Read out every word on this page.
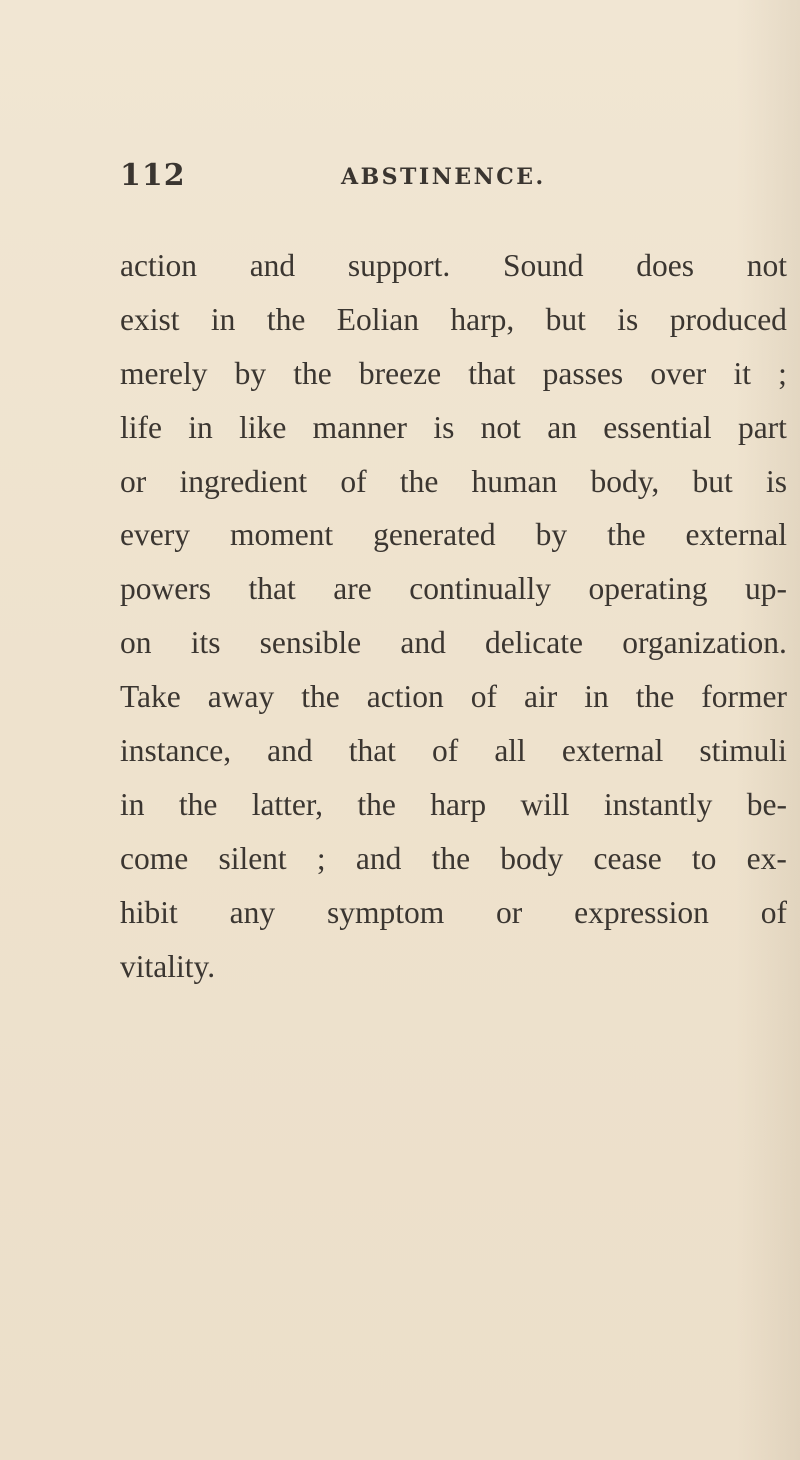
112	ABSTINENCE.
action and support. Sound does not
exist in the Eolian harp, but is produced
merely by the breeze that passes over it ;
life in like manner is not an essential part
or ingredient of the human body, but is
every moment generated by the external
powers that are continually operating up-
on its sensible and delicate organization.
Take away the action of air in the former
instance, and that of all external stimuli
in the latter, the harp will instantly be-
come silent ; and the body cease to ex-
hibit any symptom or expression of
vitality.
